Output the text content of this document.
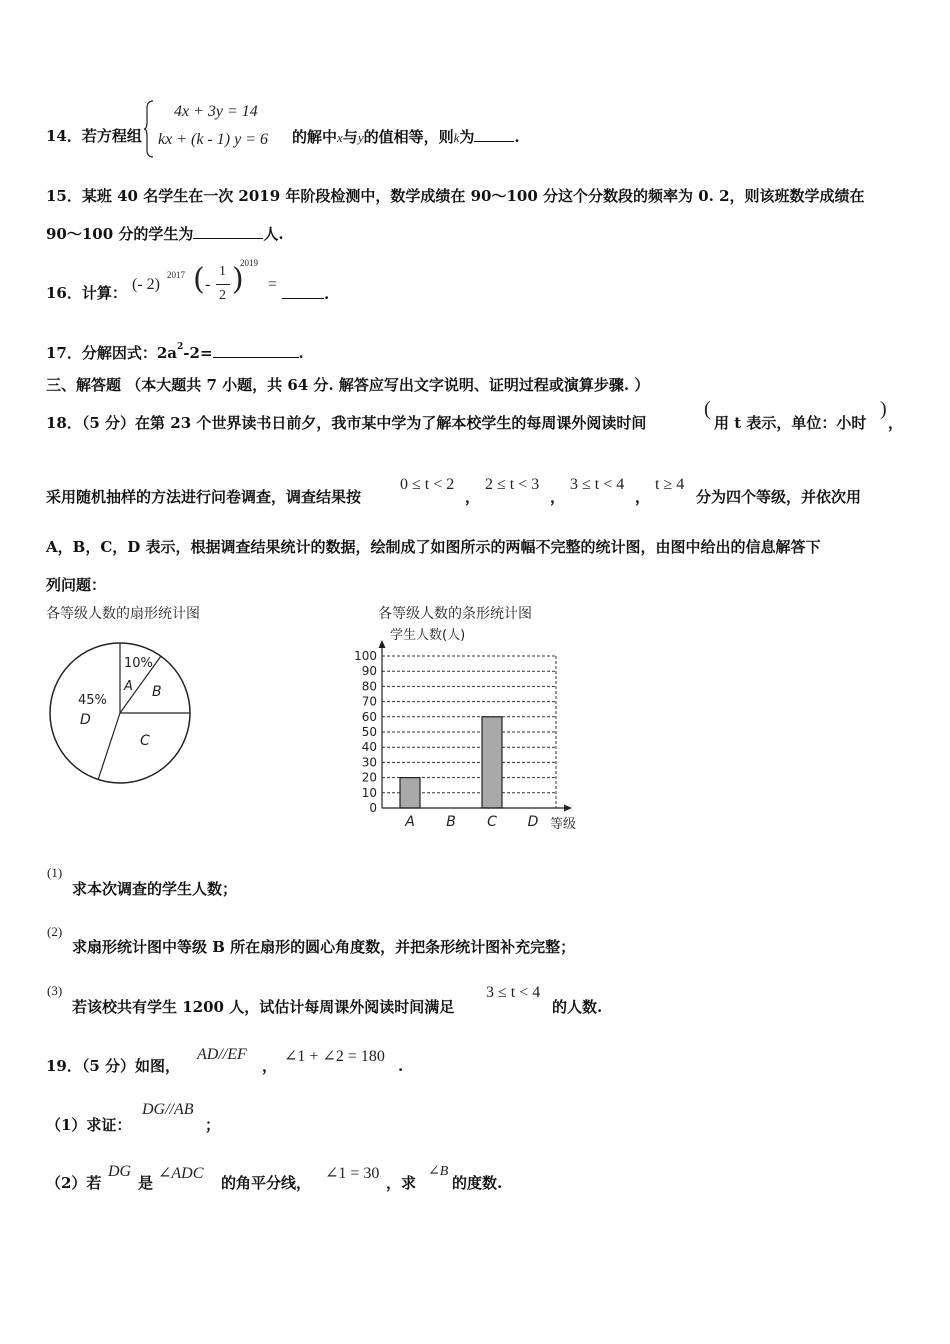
14．若方程组
4x + 3y = 14
kx + (k - 1) y = 6 的解中x与y的值相等，则k为	.
15．某班 40 名学生在一次 2019 年阶段检测中，数学成绩在 90～100 分这个分数段的频率为 0. 2，则该班数学成绩在
90～100 分的学生为	人.
16．计算： (- 2)
2017 ( -
1
2 )
2019
=
.
17．分解因式：$2a^2-2=$	.
三、解答题 （本大题共 7 小题，共 64 分. 解答应写出文字说明、证明过程或演算步骤. ）
18．（5 分）在第 23 个世界读书日前夕，我市某中学为了解本校学生的每周课外阅读时间
(
用 t 表示，单位：小时
)
，
采用随机抽样的方法进行问卷调查，调查结果按
0 ≤ t < 2
，
2 ≤ t < 3
，
3 ≤ t < 4
，
t ≥ 4
分为四个等级，并依次用
A，B，C，D 表示，根据调查结果统计的数据，绘制成了如图所示的两幅不完整的统计图，由图中给出的信息解答下
列问题：
各等级人数的扇形统计图
10%
A B
C
45%
D
各等级人数的条形统计图
学生人数(人)
等级
0
10
20
30
40
50
60
70
80
90
100
A B C D
(1)
求本次调查的学生人数；
(2)
求扇形统计图中等级 B 所在扇形的圆心角度数，并把条形统计图补充完整；
(3)
若该校共有学生 1200 人，试估计每周课外阅读时间满足
3 ≤ t < 4
的人数.
19．（5 分）如图，
AD//EF
，
∠1 + ∠2 = 180
.
（1）求证：
DG//AB
；
（2）若
DG
是
∠ADC
的角平分线，
∠1 = 30
，求
∠B
的度数.
